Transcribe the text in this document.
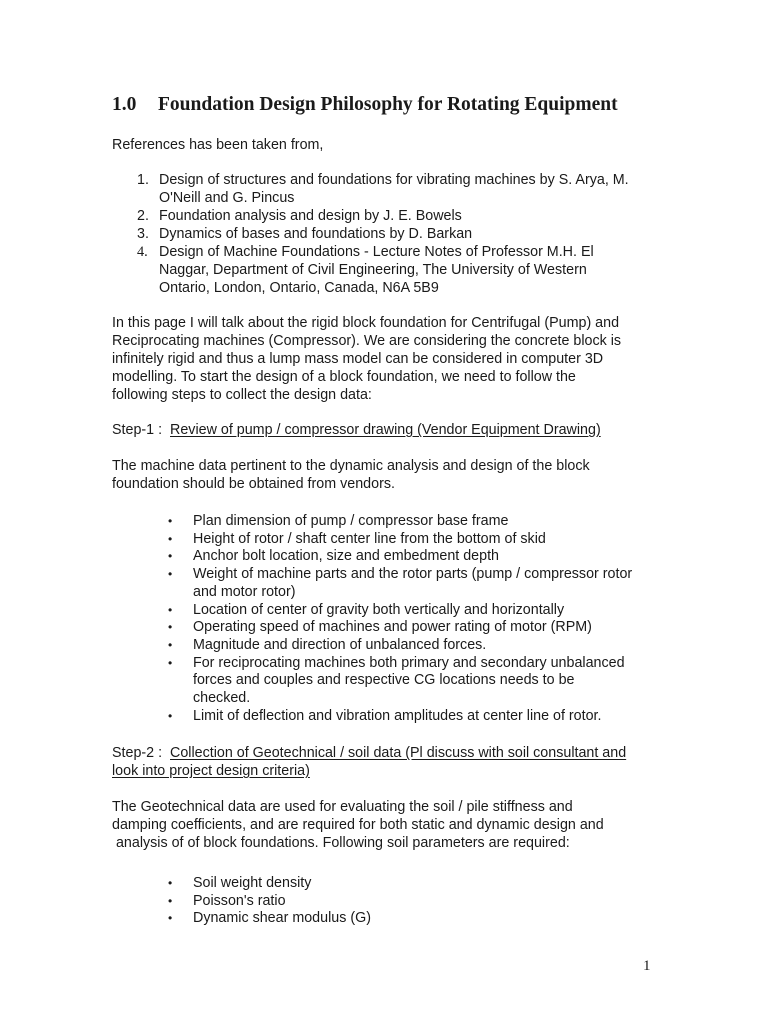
1.0 Foundation Design Philosophy for Rotating Equipment

References has been taken from,

1. Design of structures and foundations for vibrating machines by S. Arya, M.
O'Neill and G. Pincus
2. Foundation analysis and design by J. E. Bowels
3. Dynamics of bases and foundations by D. Barkan
4. Design of Machine Foundations - Lecture Notes of Professor M.H. El
Naggar, Department of Civil Engineering, The University of Western
Ontario, London, Ontario, Canada, N6A 5B9
In this page I will talk about the rigid block foundation for Centrifugal (Pump) and
Reciprocating machines (Compressor). We are considering the concrete block is
infinitely rigid and thus a lump mass model can be considered in computer 3D
modelling. To start the design of a block foundation, we need to follow the
following steps to collect the design data:

Step-1 :  Review of pump / compressor drawing (Vendor Equipment Drawing)

The machine data pertinent to the dynamic analysis and design of the block
foundation should be obtained from vendors.
• Plan dimension of pump / compressor base frame
• Height of rotor / shaft center line from the bottom of skid
• Anchor bolt location, size and embedment depth
• Weight of machine parts and the rotor parts (pump / compressor rotor
and motor rotor)
• Location of center of gravity both vertically and horizontally
• Operating speed of machines and power rating of motor (RPM)
• Magnitude and direction of unbalanced forces.
• For reciprocating machines both primary and secondary unbalanced
forces and couples and respective CG locations needs to be
checked.
• Limit of deflection and vibration amplitudes at center line of rotor.
Step-2 :  Collection of Geotechnical / soil data (Pl discuss with soil consultant and
look into project design criteria)
The Geotechnical data are used for evaluating the soil / pile stiffness and
damping coefficients, and are required for both static and dynamic design and
analysis of of block foundations. Following soil parameters are required:
• Soil weight density
• Poisson's ratio
• Dynamic shear modulus (G)
1
